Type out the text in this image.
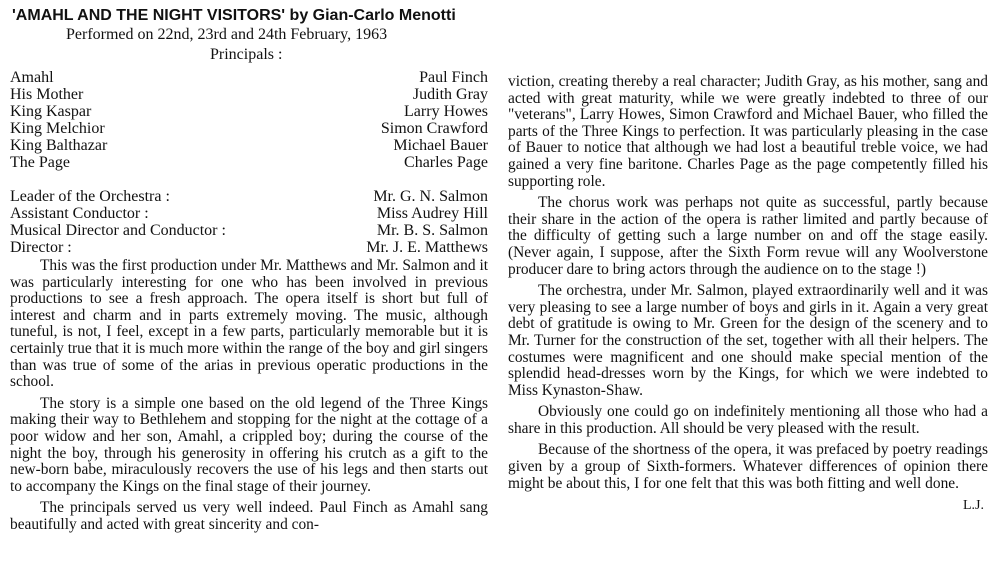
'AMAHL AND THE NIGHT VISITORS' by Gian-Carlo Menotti
Performed on 22nd, 23rd and 24th February, 1963
Principals :
Amahl	Paul Finch
His Mother	Judith Gray
King Kaspar	Larry Howes
King Melchior	Simon Crawford
King Balthazar	Michael Bauer
The Page	Charles Page
Leader of the Orchestra :	Mr. G. N. Salmon
Assistant Conductor :	Miss Audrey Hill
Musical Director and Conductor :	Mr. B. S. Salmon
Director :	Mr. J. E. Matthews

This was the first production under Mr. Matthews and Mr. Salmon and it was particularly interesting for one who has been involved in previous productions to see a fresh approach. The opera itself is short but full of interest and charm and in parts extremely moving. The music, although tuneful, is not, I feel, except in a few parts, particularly memorable but it is certainly true that it is much more within the range of the boy and girl singers than was true of some of the arias in previous operatic productions in the school.

The story is a simple one based on the old legend of the Three Kings making their way to Bethlehem and stopping for the night at the cottage of a poor widow and her son, Amahl, a crippled boy; during the course of the night the boy, through his generosity in offering his crutch as a gift to the new-born babe, miraculously recovers the use of his legs and then starts out to accompany the Kings on the final stage of their journey.

The principals served us very well indeed. Paul Finch as Amahl sang beautifully and acted with great sincerity and con-

viction, creating thereby a real character; Judith Gray, as his mother, sang and acted with great maturity, while we were greatly indebted to three of our "veterans", Larry Howes, Simon Crawford and Michael Bauer, who filled the parts of the Three Kings to perfection. It was particularly pleasing in the case of Bauer to notice that although we had lost a beautiful treble voice, we had gained a very fine baritone. Charles Page as the page competently filled his supporting role.

The chorus work was perhaps not quite as successful, partly because their share in the action of the opera is rather limited and partly because of the difficulty of getting such a large number on and off the stage easily. (Never again, I suppose, after the Sixth Form revue will any Woolverstone producer dare to bring actors through the audience on to the stage !)

The orchestra, under Mr. Salmon, played extraordinarily well and it was very pleasing to see a large number of boys and girls in it. Again a very great debt of gratitude is owing to Mr. Green for the design of the scenery and to Mr. Turner for the construction of the set, together with all their helpers. The costumes were magnificent and one should make special mention of the splendid head-dresses worn by the Kings, for which we were indebted to Miss Kynaston-Shaw.

Obviously one could go on indefinitely mentioning all those who had a share in this production. All should be very pleased with the result.

Because of the shortness of the opera, it was prefaced by poetry readings given by a group of Sixth-formers. Whatever differences of opinion there might be about this, I for one felt that this was both fitting and well done.

L.J.
